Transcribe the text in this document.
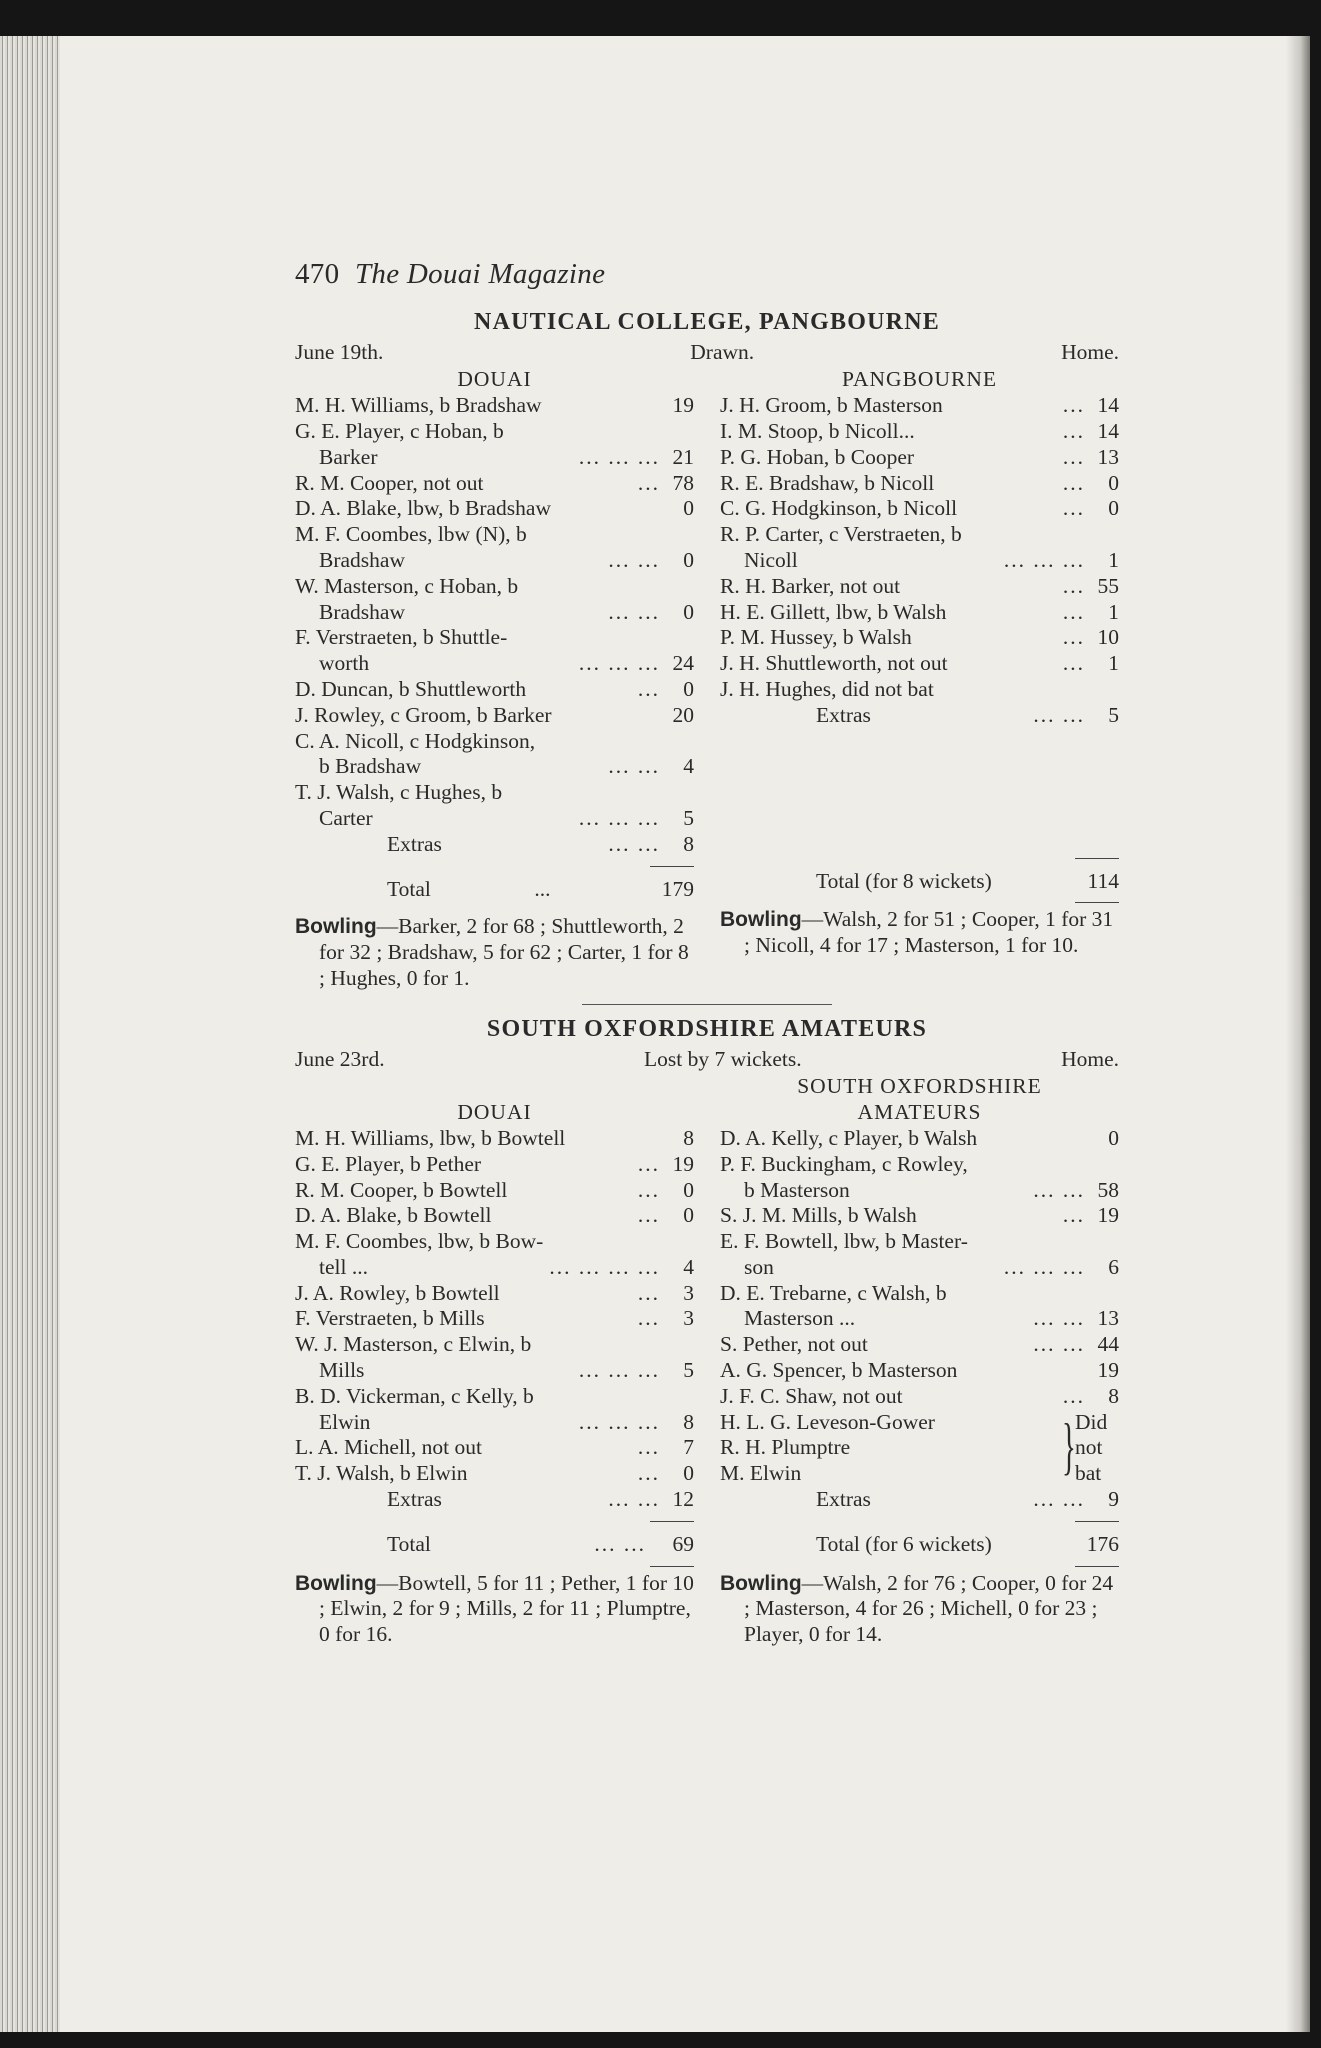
470 The Douai Magazine
NAUTICAL COLLEGE, PANGBOURNE
June 19th.	Drawn.	Home.
DOUAI
M. H. Williams, b Bradshaw	19
G. E. Player, c Hoban, b
Barker	... ... ... 21
R. M. Cooper, not out	... 78
D. A. Blake, lbw, b Bradshaw	0
M. F. Coombes, lbw (N), b
Bradshaw	... ...	0
W. Masterson, c Hoban, b
Bradshaw	... ...	0
F. Verstraeten, b Shuttle-
worth	... ... ... 24
D. Duncan, b Shuttleworth	...	0
J. Rowley, c Groom, b Barker	20
C. A. Nicoll, c Hodgkinson,
b Bradshaw	... ...	4
T. J. Walsh, c Hughes, b
Carter	... ... ...	5
Extras	... ...	8
Total	...	179
Bowling—Barker, 2 for 68 ; Shuttleworth, 2 for 32 ; Bradshaw, 5 for 62 ; Carter, 1 for 8 ; Hughes, 0 for 1.
PANGBOURNE
J. H. Groom, b Masterson	... 14
I. M. Stoop, b Nicoll...	... 14
P. G. Hoban, b Cooper	... 13
R. E. Bradshaw, b Nicoll	...	0
C. G. Hodgkinson, b Nicoll	...	0
R. P. Carter, c Verstraeten, b
Nicoll	... ... ...	1
R. H. Barker, not out	... 55
H. E. Gillett, lbw, b Walsh	...	1
P. M. Hussey, b Walsh	... 10
J. H. Shuttleworth, not out	...	1
J. H. Hughes, did not bat
Extras	... ...	5
Total (for 8 wickets)	114
Bowling—Walsh, 2 for 51 ; Cooper, 1 for 31 ; Nicoll, 4 for 17 ; Masterson, 1 for 10.
SOUTH OXFORDSHIRE AMATEURS
June 23rd.	Lost by 7 wickets.	Home.
DOUAI
M. H. Williams, lbw, b Bowtell	8
G. E. Player, b Pether	... 19
R. M. Cooper, b Bowtell	...	0
D. A. Blake, b Bowtell	...	0
M. F. Coombes, lbw, b Bow-
tell ...	... ... ... ...	4
J. A. Rowley, b Bowtell	...	3
F. Verstraeten, b Mills	...	3
W. J. Masterson, c Elwin, b
Mills	... ... ...	5
B. D. Vickerman, c Kelly, b
Elwin	... ... ...	8
L. A. Michell, not out	...	7
T. J. Walsh, b Elwin	...	0
Extras	... ... 12
Total	... ...	69
Bowling—Bowtell, 5 for 11 ; Pether, 1 for 10 ; Elwin, 2 for 9 ; Mills, 2 for 11 ; Plumptre, 0 for 16.
SOUTH OXFORDSHIRE
AMATEURS
D. A. Kelly, c Player, b Walsh	0
P. F. Buckingham, c Rowley,
b Masterson	... ... 58
S. J. M. Mills, b Walsh	... 19
E. F. Bowtell, lbw, b Master-
son	... ... ...	6
D. E. Trebarne, c Walsh, b
Masterson ...	... ... 13
S. Pether, not out	... ... 44
A. G. Spencer, b Masterson	19
J. F. C. Shaw, not out	...	8
H. L. G. Leveson-Gower
R. H. Plumptre
M. Elwin	} Did
not
bat
Extras	... ...	9
Total (for 6 wickets)	176
Bowling—Walsh, 2 for 76 ; Cooper, 0 for 24 ; Masterson, 4 for 26 ; Michell, 0 for 23 ; Player, 0 for 14.
